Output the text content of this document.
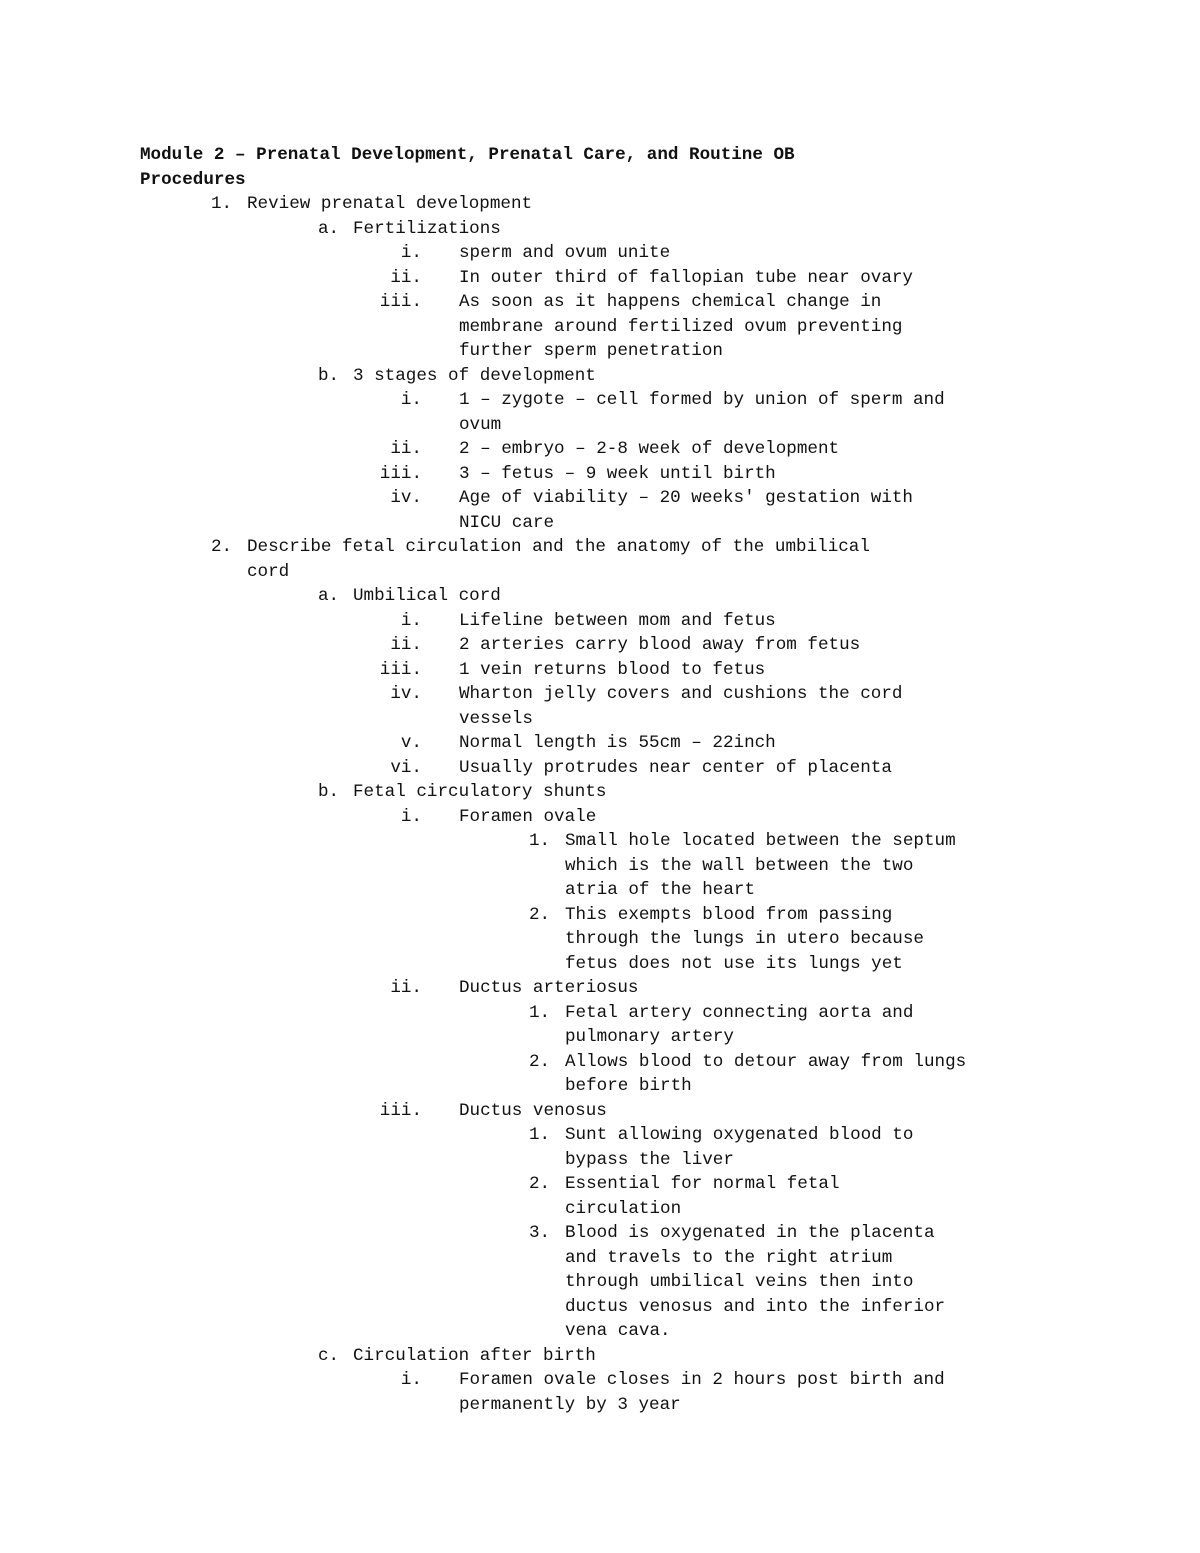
Module 2 – Prenatal Development, Prenatal Care, and Routine OB
Procedures
1. Review prenatal development
a. Fertilizations
i. sperm and ovum unite
ii. In outer third of fallopian tube near ovary
iii. As soon as it happens chemical change in
membrane around fertilized ovum preventing
further sperm penetration
b. 3 stages of development
i. 1 – zygote – cell formed by union of sperm and
ovum
ii. 2 – embryo – 2-8 week of development
iii. 3 – fetus – 9 week until birth
iv. Age of viability – 20 weeks' gestation with
NICU care
2. Describe fetal circulation and the anatomy of the umbilical
cord
a. Umbilical cord
i. Lifeline between mom and fetus
ii. 2 arteries carry blood away from fetus
iii. 1 vein returns blood to fetus
iv. Wharton jelly covers and cushions the cord
vessels
v. Normal length is 55cm – 22inch
vi. Usually protrudes near center of placenta
b. Fetal circulatory shunts
i. Foramen ovale
1. Small hole located between the septum
which is the wall between the two
atria of the heart
2. This exempts blood from passing
through the lungs in utero because
fetus does not use its lungs yet
ii. Ductus arteriosus
1. Fetal artery connecting aorta and
pulmonary artery
2. Allows blood to detour away from lungs
before birth
iii. Ductus venosus
1. Sunt allowing oxygenated blood to
bypass the liver
2. Essential for normal fetal
circulation
3. Blood is oxygenated in the placenta
and travels to the right atrium
through umbilical veins then into
ductus venosus and into the inferior
vena cava.
c. Circulation after birth
i. Foramen ovale closes in 2 hours post birth and
permanently by 3 year
